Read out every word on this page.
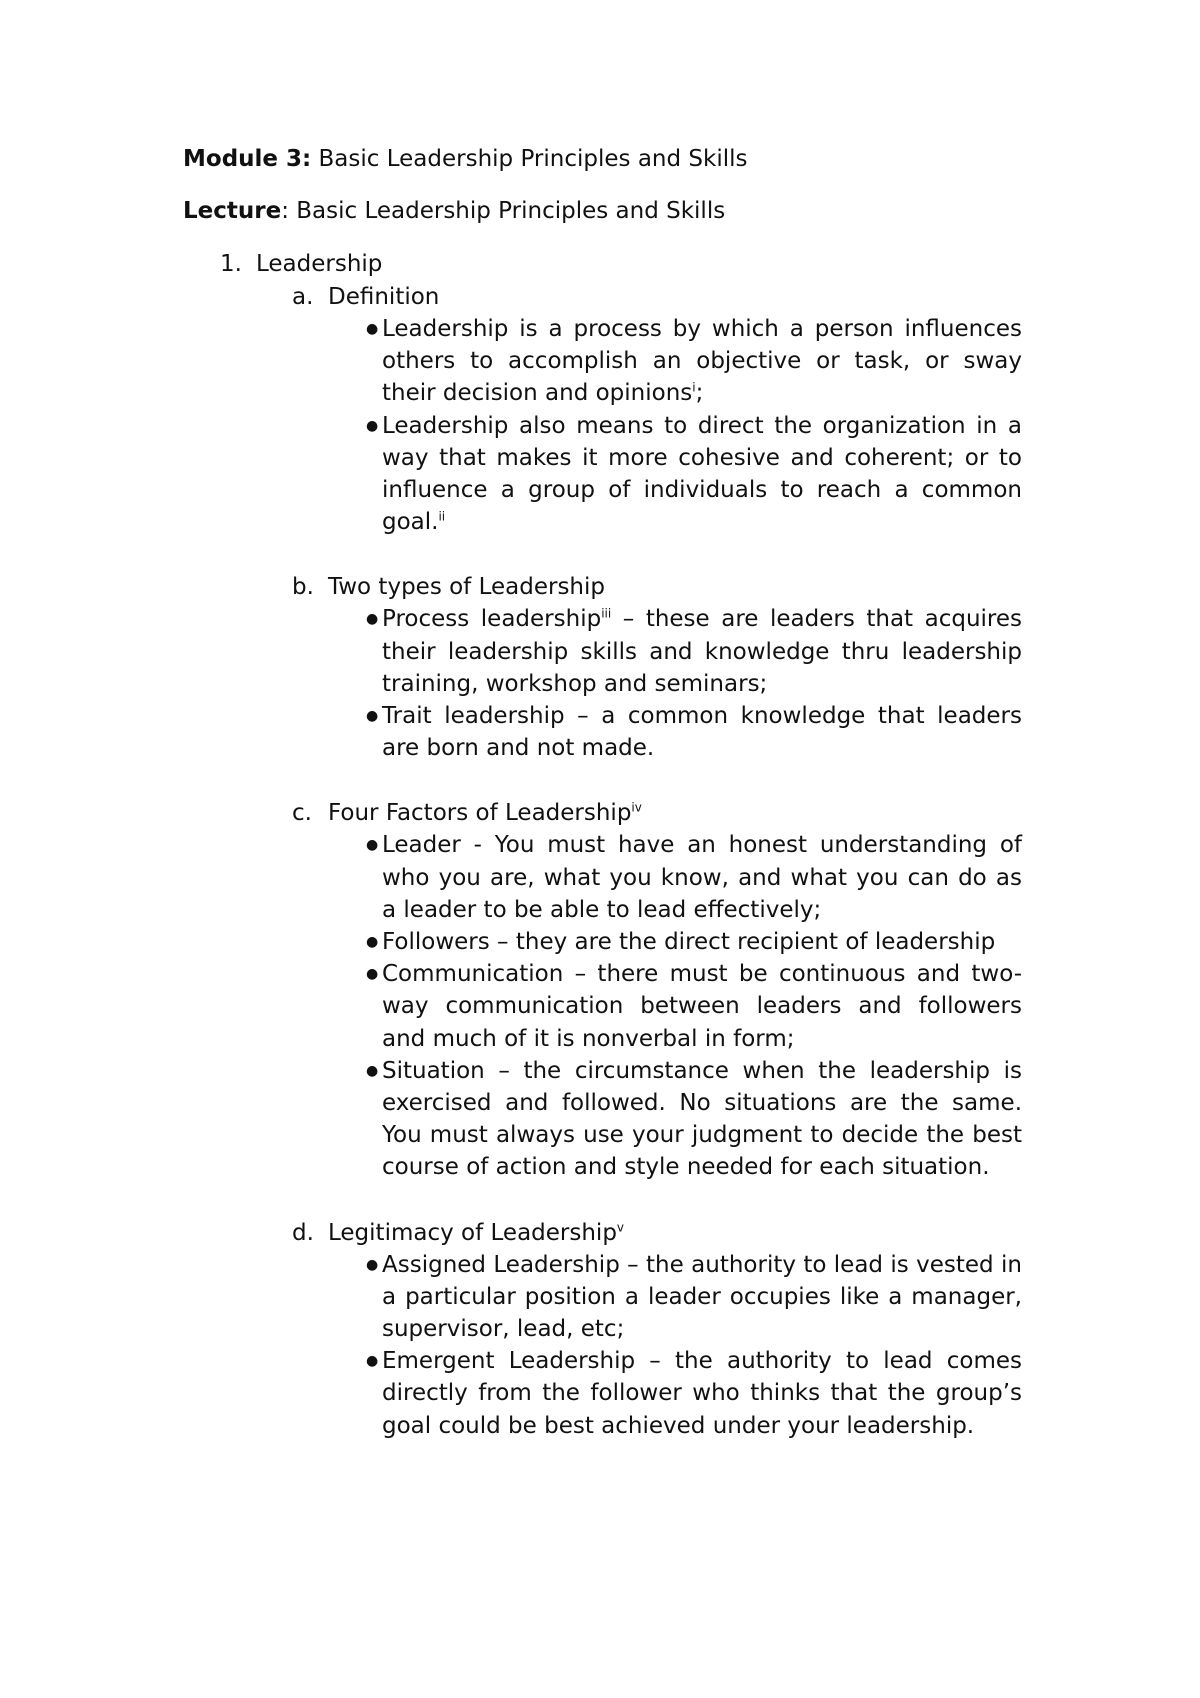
Module 3: Basic Leadership Principles and Skills
Lecture: Basic Leadership Principles and Skills
1. Leadership
a. Definition
● Leadership is a process by which a person influences others to accomplish an objective or task, or sway their decision and opinions$^i$;
● Leadership also means to direct the organization in a way that makes it more cohesive and coherent; or to influence a group of individuals to reach a common goal.$^{ii}$
b. Two types of Leadership
● Process leadership$^{iii}$ – these are leaders that acquires their leadership skills and knowledge thru leadership training, workshop and seminars;
● Trait leadership – a common knowledge that leaders are born and not made.
c. Four Factors of Leadership$^{iv}$
● Leader - You must have an honest understanding of who you are, what you know, and what you can do as a leader to be able to lead effectively;
● Followers – they are the direct recipient of leadership
● Communication – there must be continuous and two-way communication between leaders and followers and much of it is nonverbal in form;
● Situation – the circumstance when the leadership is exercised and followed. No situations are the same. You must always use your judgment to decide the best course of action and style needed for each situation.
d. Legitimacy of Leadership$^v$
● Assigned Leadership – the authority to lead is vested in a particular position a leader occupies like a manager, supervisor, lead, etc;
● Emergent Leadership – the authority to lead comes directly from the follower who thinks that the group’s goal could be best achieved under your leadership.
